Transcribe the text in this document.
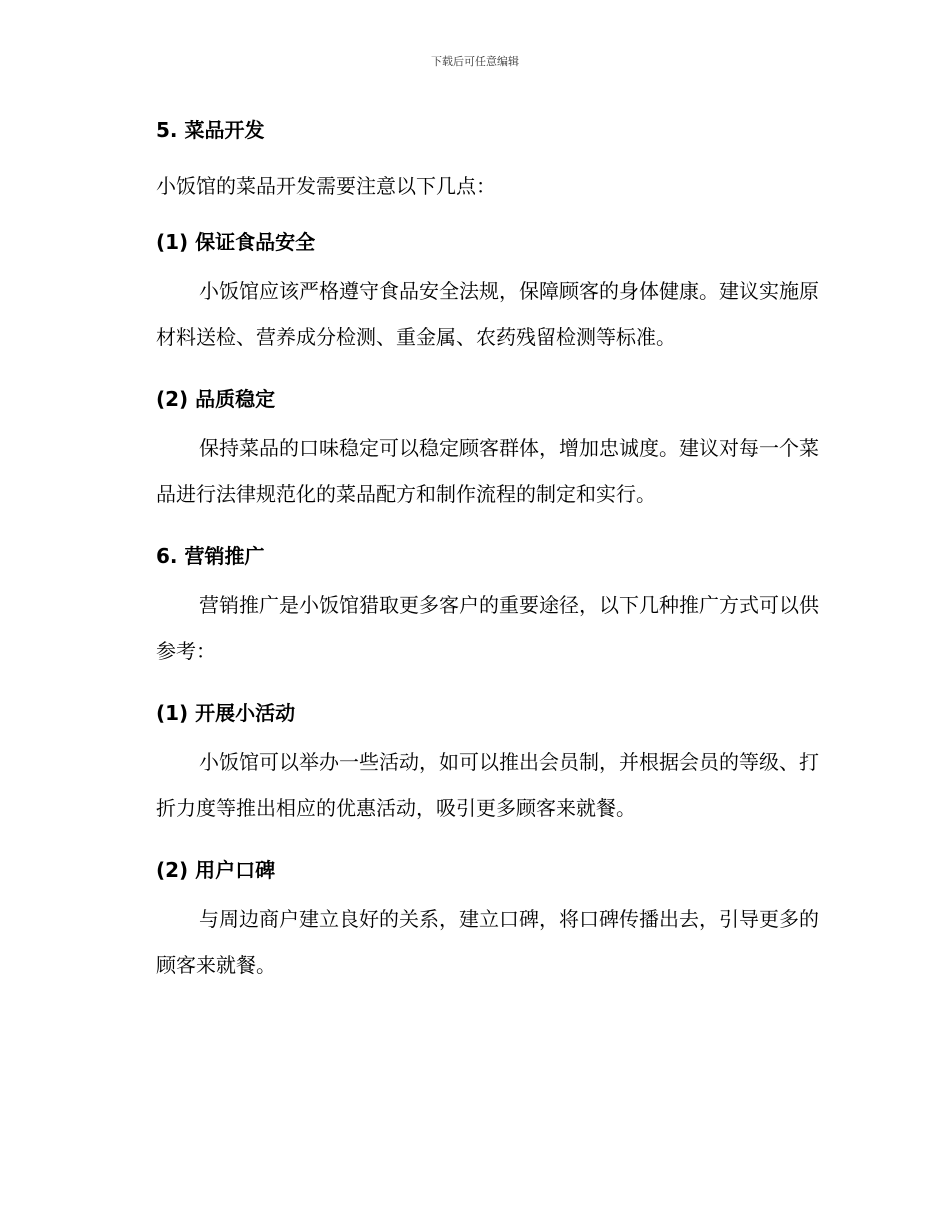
下载后可任意编辑
5. 菜品开发

小饭馆的菜品开发需要注意以下几点：

(1) 保证食品安全
小饭馆应该严格遵守食品安全法规，保障顾客的身体健康。建议实施原
材料送检、营养成分检测、重金属、农药残留检测等标准。
(2) 品质稳定
保持菜品的口味稳定可以稳定顾客群体，增加忠诚度。建议对每一个菜
品进行法律规范化的菜品配方和制作流程的制定和实行。
6. 营销推广
营销推广是小饭馆猎取更多客户的重要途径，以下几种推广方式可以供
参考：
(1) 开展小活动
小饭馆可以举办一些活动，如可以推出会员制，并根据会员的等级、打
折力度等推出相应的优惠活动，吸引更多顾客来就餐。
(2) 用户口碑
与周边商户建立良好的关系，建立口碑，将口碑传播出去，引导更多的
顾客来就餐。
